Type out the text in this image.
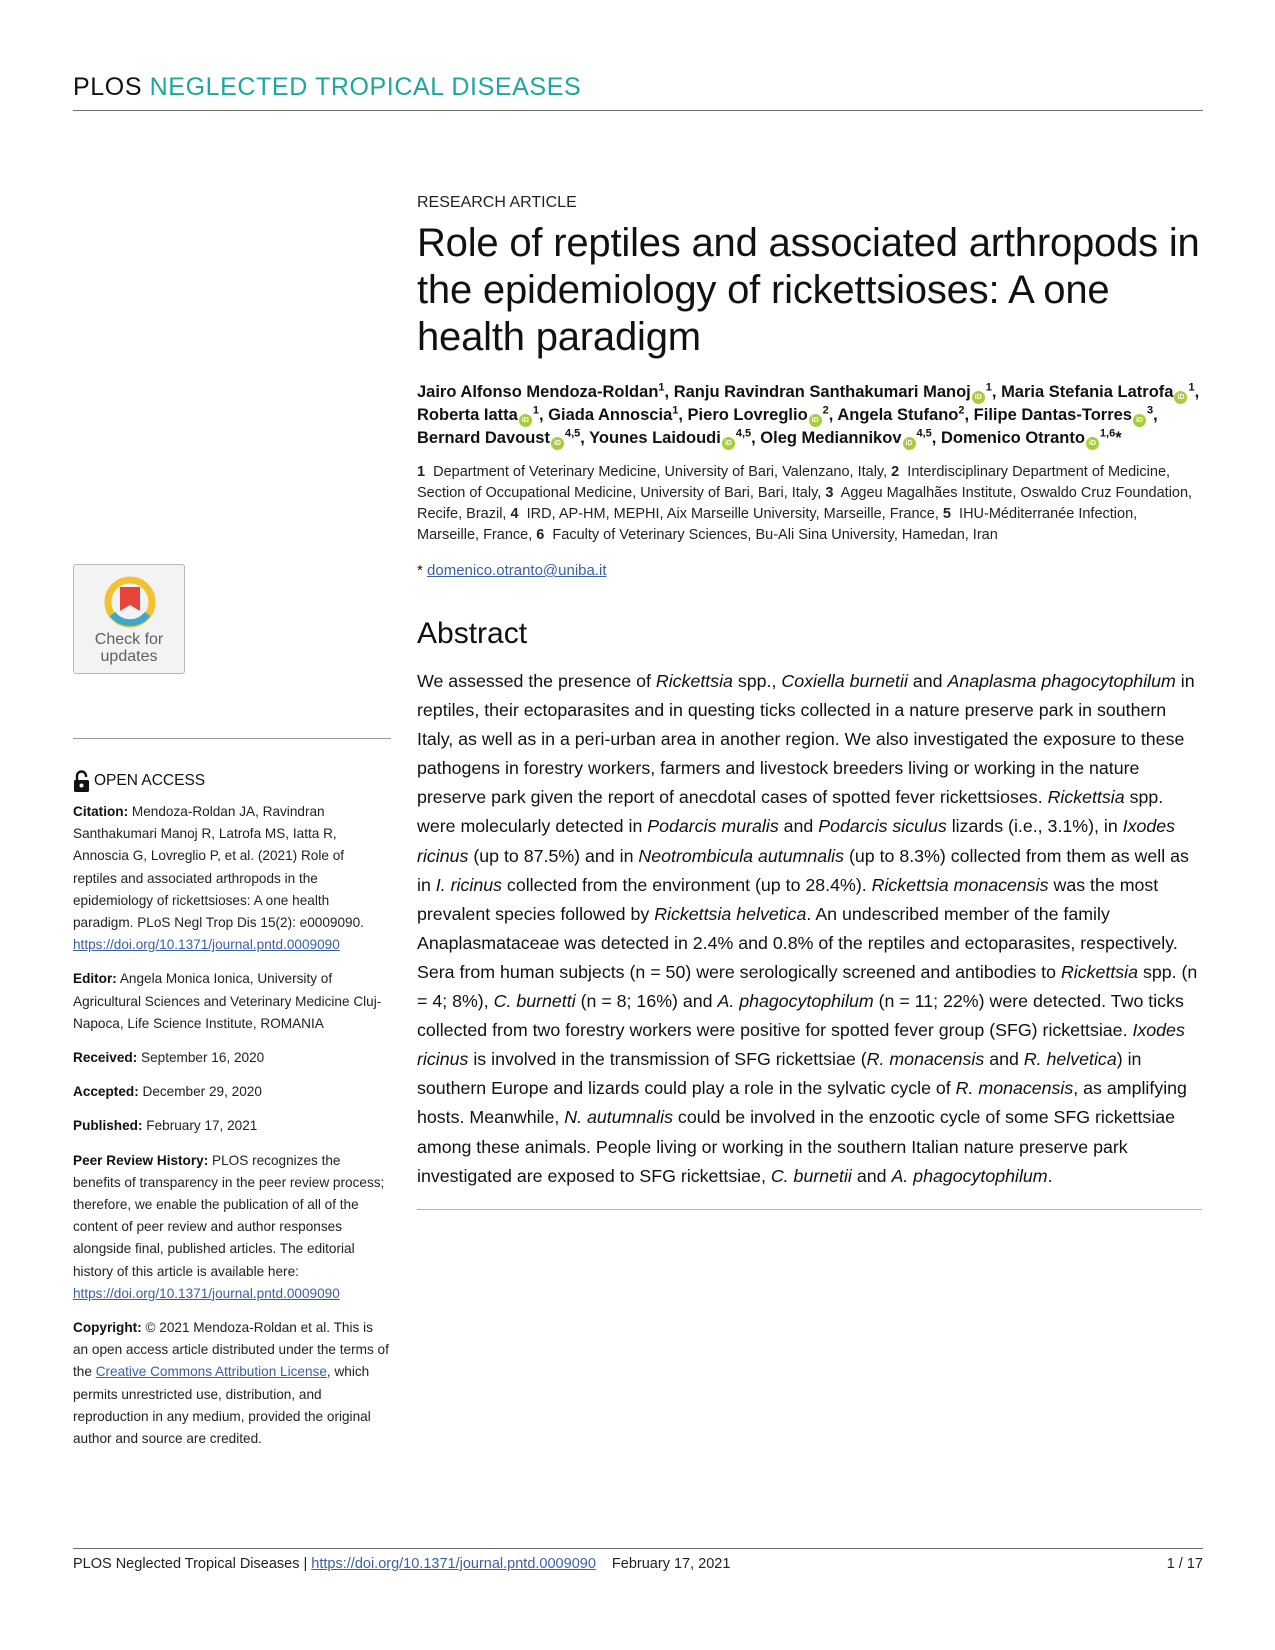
PLOS NEGLECTED TROPICAL DISEASES
Check for
updates
RESEARCH ARTICLE
Role of reptiles and associated arthropods in the epidemiology of rickettsioses: A one health paradigm
Jairo Alfonso Mendoza-Roldan$^1$, Ranju Ravindran Santhakumari Manoj $iD^1$, Maria Stefania Latrofa $iD^1$, Roberta Iatta $iD^1$, Giada Annoscia$^1$, Piero Lovreglio $iD^2$, Angela Stufano$^2$, Filipe Dantas-Torres $iD^3$, Bernard Davoust iD$^{4,5}$, Younes Laidoudi iD$^{4,5}$, Oleg Mediannikov iD$^{4,5}$, Domenico Otranto iD$^{1,6}$*
1  Department of Veterinary Medicine, University of Bari, Valenzano, Italy, 2  Interdisciplinary Department of Medicine, Section of Occupational Medicine, University of Bari, Bari, Italy, 3  Aggeu Magalhães Institute, Oswaldo Cruz Foundation, Recife, Brazil, 4  IRD, AP-HM, MEPHI, Aix Marseille University, Marseille, France, 5  IHU-Méditerranée Infection, Marseille, France, 6  Faculty of Veterinary Sciences, Bu-Ali Sina University, Hamedan, Iran
* domenico.otranto@uniba.it
Abstract

We assessed the presence of Rickettsia spp., Coxiella burnetii and Anaplasma phagocytophilum in reptiles, their ectoparasites and in questing ticks collected in a nature preserve park in southern Italy, as well as in a peri-urban area in another region. We also investigated the exposure to these pathogens in forestry workers, farmers and livestock breeders living or working in the nature preserve park given the report of anecdotal cases of spotted fever rickettsioses. Rickettsia spp. were molecularly detected in Podarcis muralis and Podarcis siculus lizards (i.e., 3.1%), in Ixodes ricinus (up to 87.5%) and in Neotrombicula autumnalis (up to 8.3%) collected from them as well as in I. ricinus collected from the environment (up to 28.4%). Rickettsia monacensis was the most prevalent species followed by Rickettsia helvetica. An undescribed member of the family Anaplasmataceae was detected in 2.4% and 0.8% of the reptiles and ectoparasites, respectively. Sera from human subjects (n = 50) were serologically screened and antibodies to Rickettsia spp. (n = 4; 8%), C. burnetti (n = 8; 16%) and A. phagocytophilum (n = 11; 22%) were detected. Two ticks collected from two forestry workers were positive for spotted fever group (SFG) rickettsiae. Ixodes ricinus is involved in the transmission of SFG rickettsiae (R. monacensis and R. helvetica) in southern Europe and lizards could play a role in the sylvatic cycle of R. monacensis, as amplifying hosts. Meanwhile, N. autumnalis could be involved in the enzootic cycle of some SFG rickettsiae among these animals. People living or working in the southern Italian nature preserve park investigated are exposed to SFG rickettsiae, C. burnetii and A. phagocytophilum.

OPEN ACCESS

Citation: Mendoza-Roldan JA, Ravindran Santhakumari Manoj R, Latrofa MS, Iatta R, Annoscia G, Lovreglio P, et al. (2021) Role of reptiles and associated arthropods in the epidemiology of rickettsioses: A one health paradigm. PLoS Negl Trop Dis 15(2): e0009090. https://doi.org/10.1371/journal.pntd.0009090

Editor: Angela Monica Ionica, University of Agricultural Sciences and Veterinary Medicine Cluj-Napoca, Life Science Institute, ROMANIA

Received: September 16, 2020

Accepted: December 29, 2020

Published: February 17, 2021

Peer Review History: PLOS recognizes the benefits of transparency in the peer review process; therefore, we enable the publication of all of the content of peer review and author responses alongside final, published articles. The editorial history of this article is available here: https://doi.org/10.1371/journal.pntd.0009090

Copyright: © 2021 Mendoza-Roldan et al. This is an open access article distributed under the terms of the Creative Commons Attribution License, which permits unrestricted use, distribution, and reproduction in any medium, provided the original author and source are credited.

PLOS Neglected Tropical Diseases | https://doi.org/10.1371/journal.pntd.0009090 February 17, 2021	1 / 17
